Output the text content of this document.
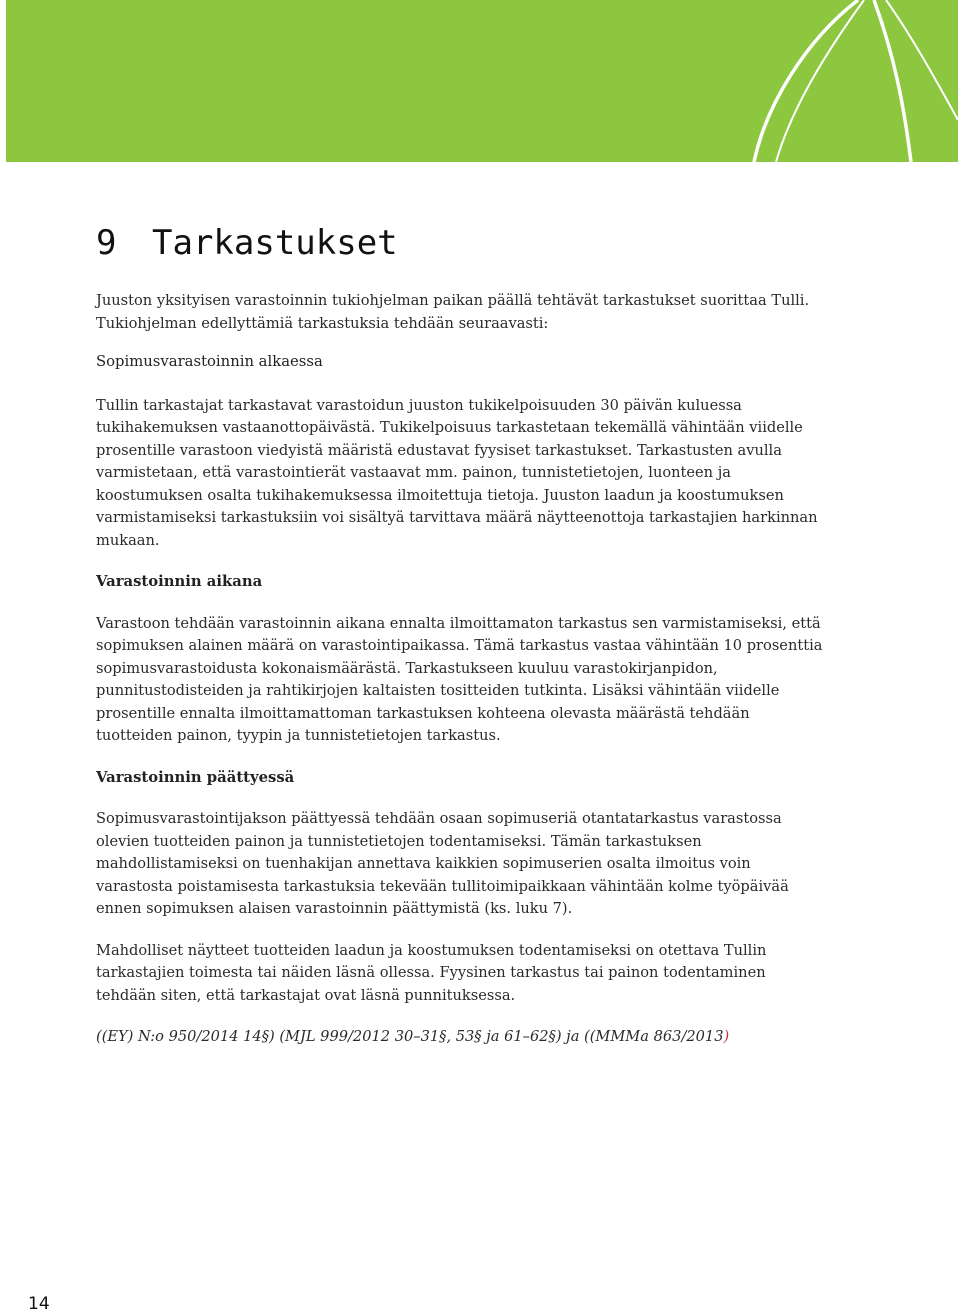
9 Tarkastukset

Juuston yksityisen varastoinnin tukiohjelman paikan päällä tehtävät tarkastukset suorittaa Tulli. Tukiohjelman edellyttämiä tarkastuksia tehdään seuraavasti:

Sopimusvarastoinnin alkaessa

Tullin tarkastajat tarkastavat varastoidun juuston tukikelpoisuuden 30 päivän kuluessa tukihakemuksen vastaanottopäivästä. Tukikelpoisuus tarkastetaan tekemällä vähintään viidelle prosentille varastoon viedyistä määristä edustavat fyysiset tarkastukset. Tarkastusten avulla varmistetaan, että varastointierät vastaavat mm. painon, tunnistetietojen, luonteen ja koostumuksen osalta tukihakemuksessa ilmoitettuja tietoja. Juuston laadun ja koostumuksen varmistamiseksi tarkastuksiin voi sisältyä tarvittava määrä näytteenottoja tarkastajien harkinnan mukaan.

Varastoinnin aikana

Varastoon tehdään varastoinnin aikana ennalta ilmoittamaton tarkastus sen varmistamiseksi, että sopimuksen alainen määrä on varastointipaikassa. Tämä tarkastus vastaa vähintään 10 prosenttia sopimusvarastoidusta kokonaismäärästä. Tarkastukseen kuuluu varastokirjanpidon, punnitustodisteiden ja rahtikirjojen kaltaisten tositteiden tutkinta. Lisäksi vähintään viidelle prosentille ennalta ilmoittamattoman tarkastuksen kohteena olevasta määrästä tehdään tuotteiden painon, tyypin ja tunnistetietojen tarkastus.

Varastoinnin päättyessä

Sopimusvarastointijakson päättyessä tehdään osaan sopimuseriä otantatarkastus varastossa olevien tuotteiden painon ja tunnistetietojen todentamiseksi. Tämän tarkastuksen mahdollistamiseksi on tuenhakijan annettava kaikkien sopimuserien osalta ilmoitus voin varastosta poistamisesta tarkastuksia tekevään tullitoimipaikkaan vähintään kolme työpäivää ennen sopimuksen alaisen varastoinnin päättymistä (ks. luku 7).

Mahdolliset näytteet tuotteiden laadun ja koostumuksen todentamiseksi on otettava Tullin tarkastajien toimesta tai näiden läsnä ollessa. Fyysinen tarkastus tai painon todentaminen tehdään siten, että tarkastajat ovat läsnä punnituksessa.

((EY) N:o 950/2014 14§) (MJL 999/2012 30–31§, 53§ ja 61–62§) ja ((MMMa 863/2013)

14
